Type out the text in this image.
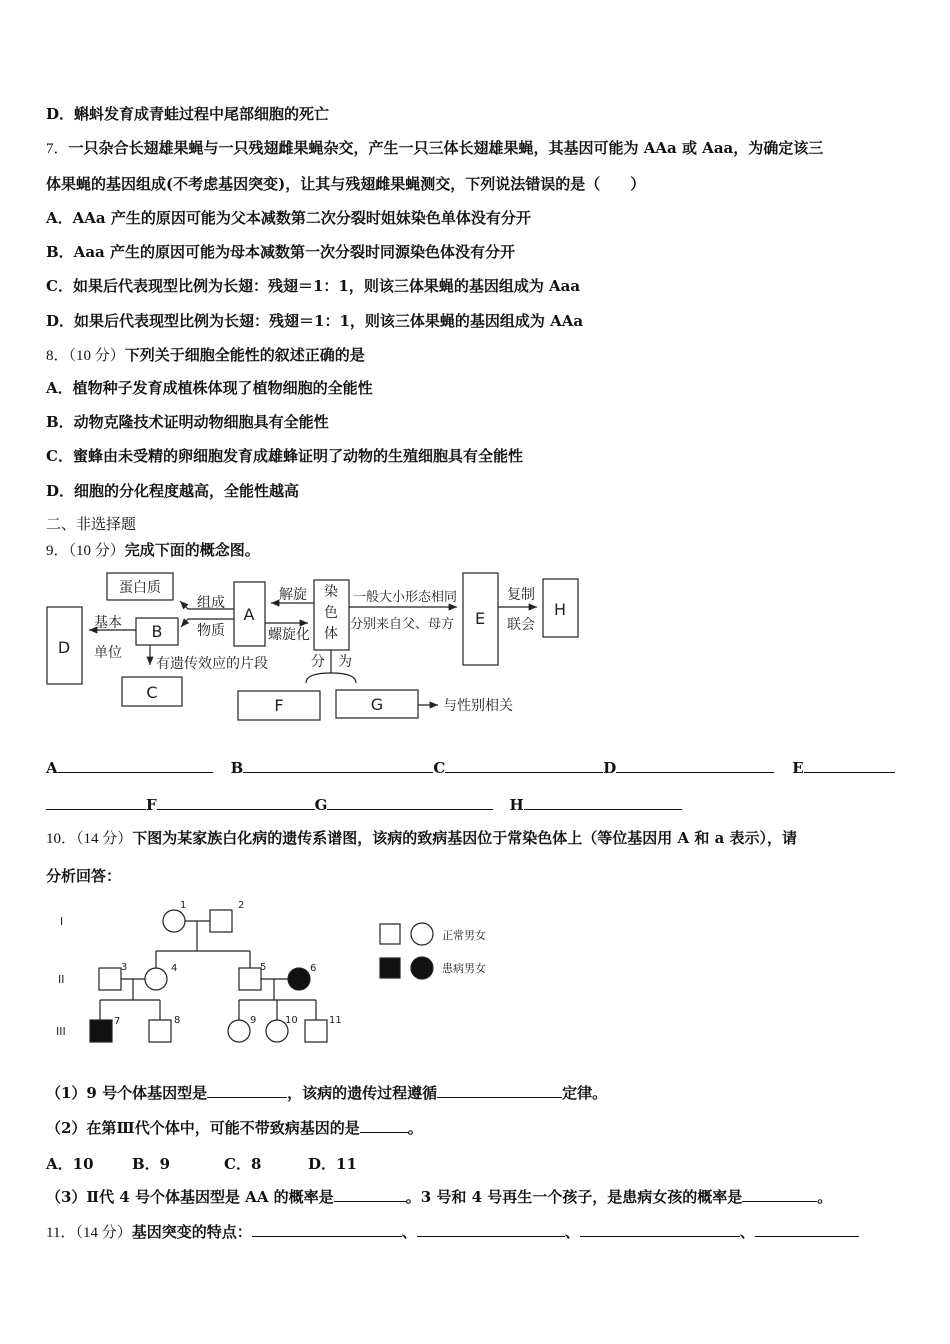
D．蝌蚪发育成青蛙过程中尾部细胞的死亡
7．一只杂合长翅雄果蝇与一只残翅雌果蝇杂交，产生一只三体长翅雄果蝇，其基因可能为 AAa 或 Aaa，为确定该三
体果蝇的基因组成(不考虑基因突变)，让其与残翅雌果蝇测交，下列说法错误的是（　　）
A．AAa 产生的原因可能为父本减数第二次分裂时姐妹染色单体没有分开
B．Aaa 产生的原因可能为母本减数第一次分裂时同源染色体没有分开
C．如果后代表现型比例为长翅：残翅＝1：1，则该三体果蝇的基因组成为 Aaa
D．如果后代表现型比例为长翅：残翅＝1：1，则该三体果蝇的基因组成为 AAa
8．（10 分）下列关于细胞全能性的叙述正确的是
A．植物种子发育成植株体现了植物细胞的全能性
B．动物克隆技术证明动物细胞具有全能性
C．蜜蜂由未受精的卵细胞发育成雄蜂证明了动物的生殖细胞具有全能性
D．细胞的分化程度越高，全能性越高
二、非选择题
9．（10 分）完成下面的概念图。
蛋白质
组成
物质
基本
单位
A
B
D
C
解旋
螺旋化
染
色
体
一般大小形态相同
分别来自父、母方 E
复制
联会
H
有遗传效应的片段	分 为
F	G	与性别相关
A	B	C	D	E
F	G	H
10．（14 分）下图为某家族白化病的遗传系谱图，该病的致病基因位于常染色体上（等位基因用 A 和 a 表示），请
分析回答：
I
II
III
1	2
3	4	5	6
7	8	9	10	11
正常男女
患病男女
（1）9 号个体基因型是	，该病的遗传过程遵循	定律。
（2）在第Ⅲ代个体中，可能不带致病基因的是	。
A．10	B．9	C．8	D．11
（3）Ⅱ代 4 号个体基因型是 AA 的概率是	。3 号和 4 号再生一个孩子，是患病女孩的概率是	。
11．（14 分）基因突变的特点：	、	、	、
